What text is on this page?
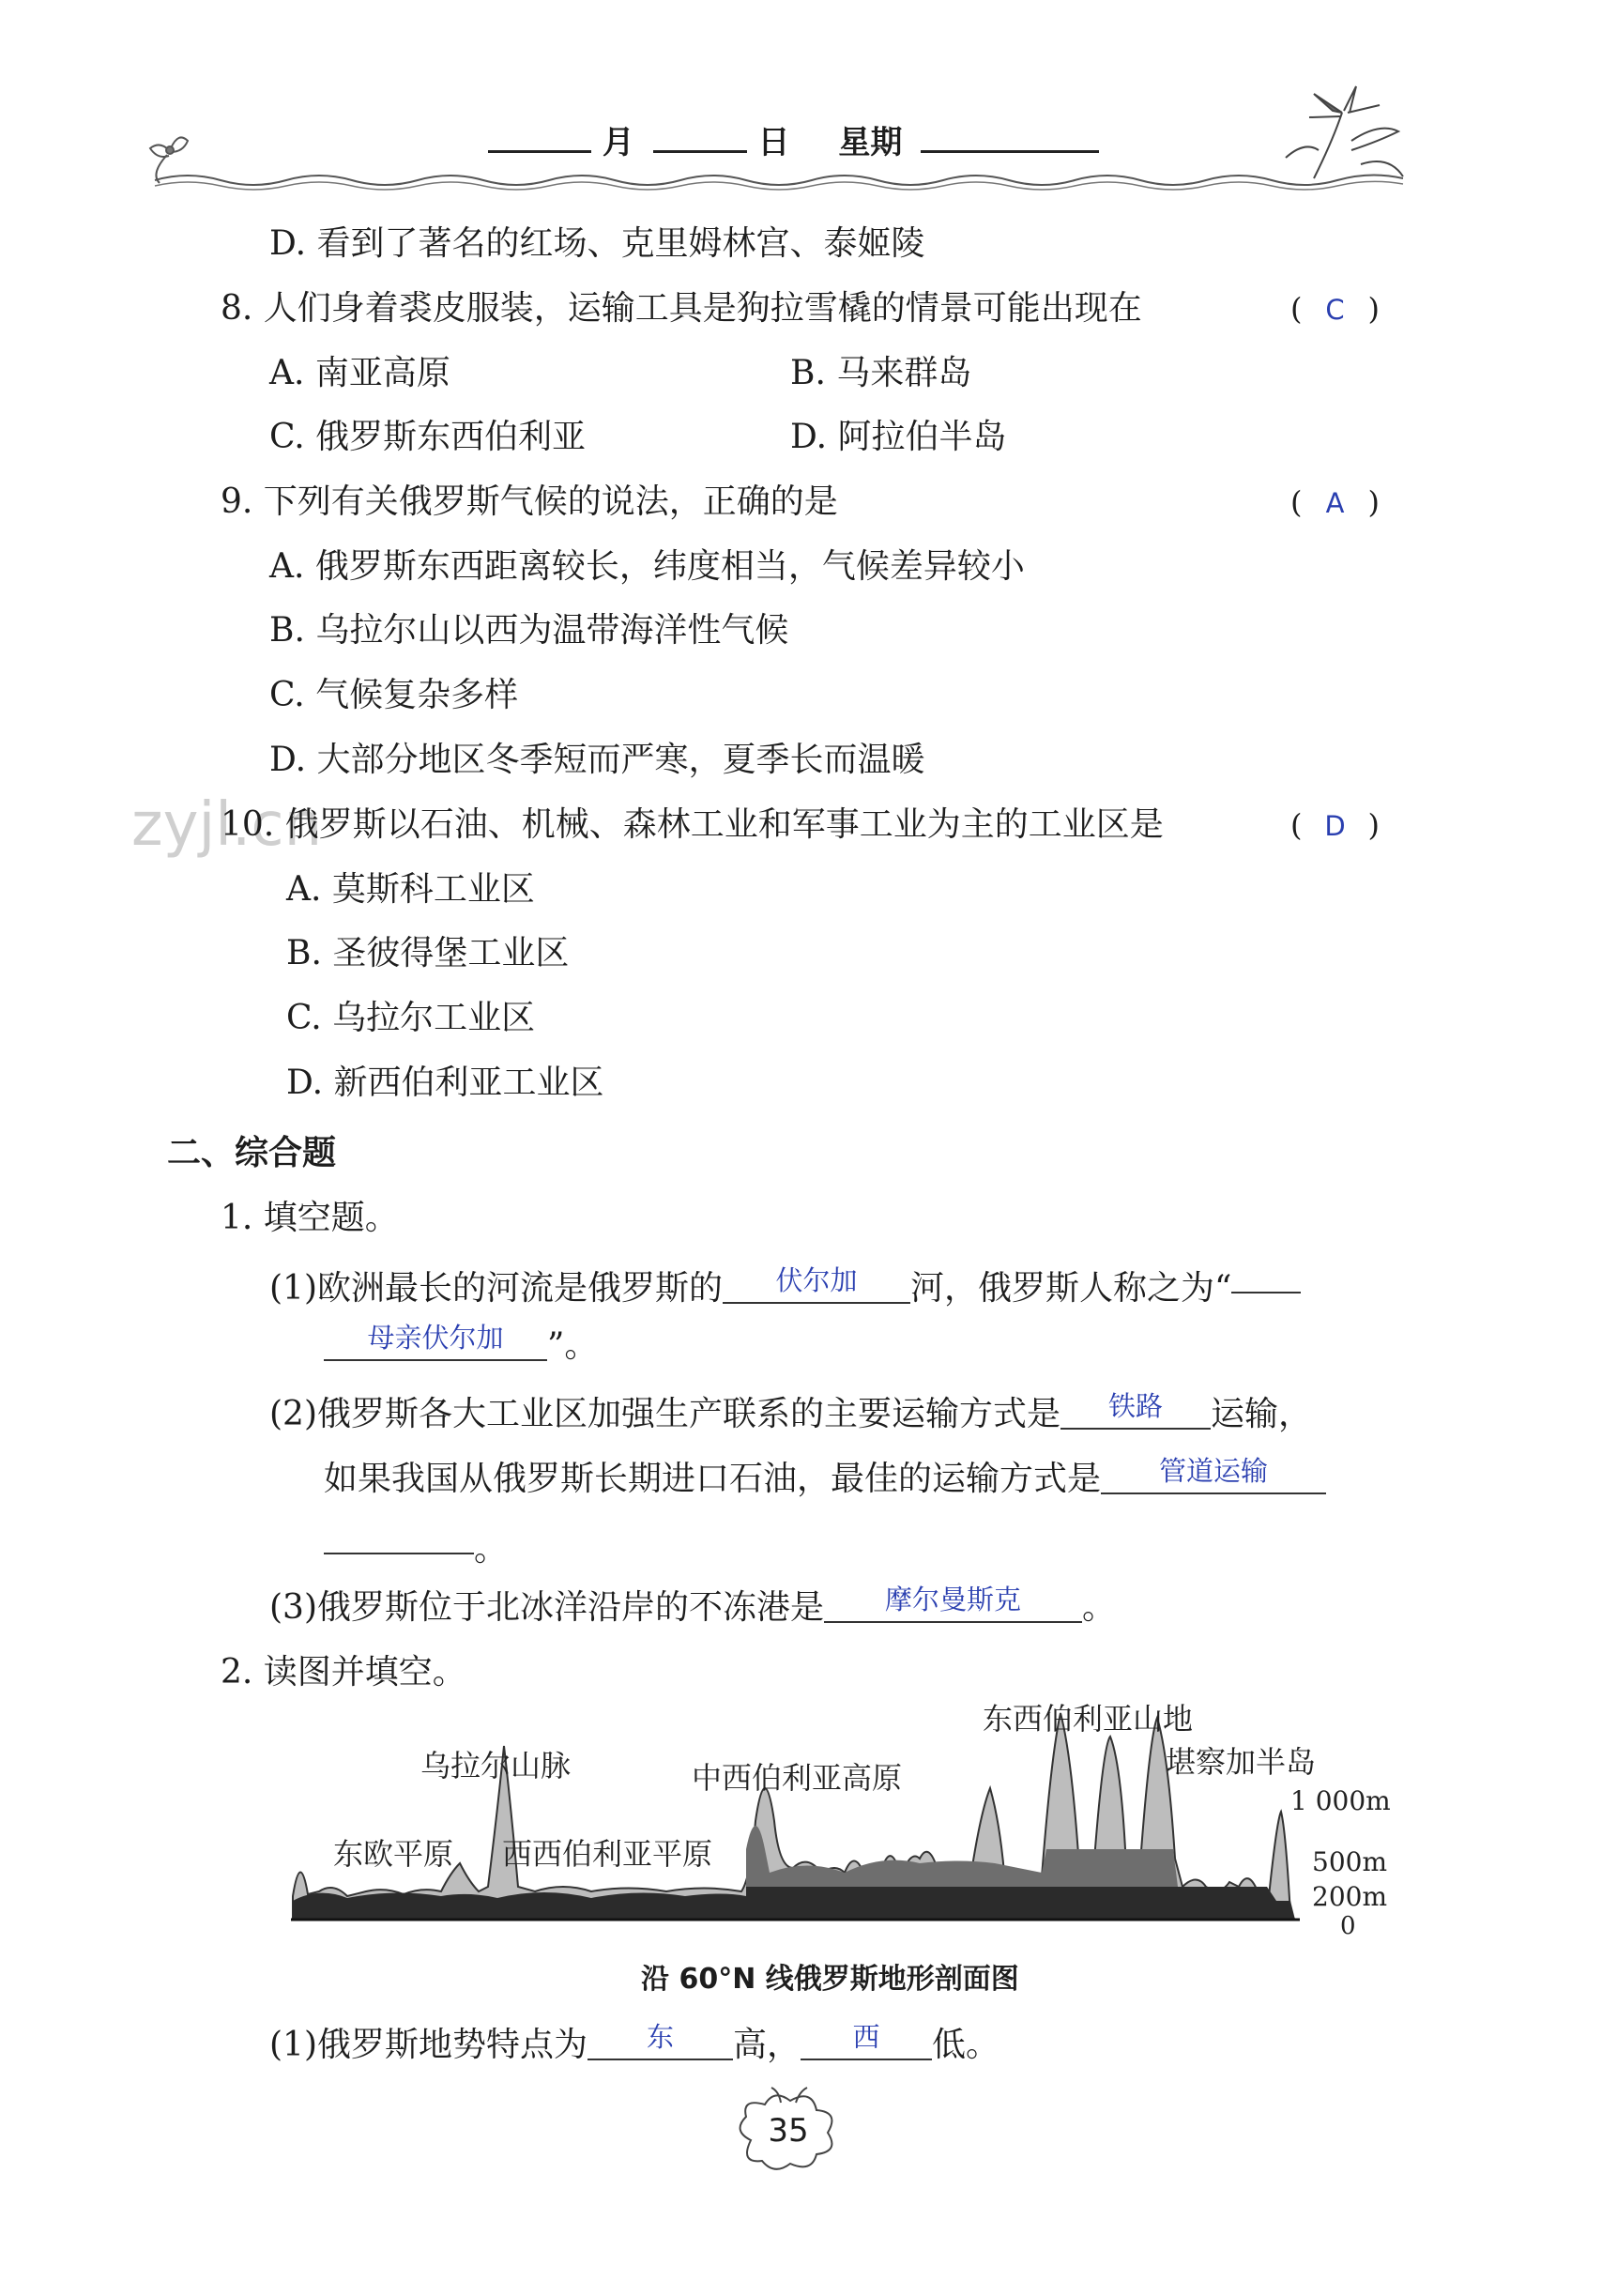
月	日 星期
zyjl.cn
D. 看到了著名的红场、克里姆林宫、泰姬陵
8. 人们身着裘皮服装，运输工具是狗拉雪橇的情景可能出现在	( C )
A. 南亚高原	B. 马来群岛
C. 俄罗斯东西伯利亚	D. 阿拉伯半岛
9. 下列有关俄罗斯气候的说法，正确的是	( A )
A. 俄罗斯东西距离较长，纬度相当，气候差异较小
B. 乌拉尔山以西为温带海洋性气候
C. 气候复杂多样
D. 大部分地区冬季短而严寒，夏季长而温暖
10. 俄罗斯以石油、机械、森林工业和军事工业为主的工业区是	( D )
A. 莫斯科工业区
B. 圣彼得堡工业区
C. 乌拉尔工业区
D. 新西伯利亚工业区
二、综合题
1. 填空题。
(1)欧洲最长的河流是俄罗斯的 伏尔加 河，俄罗斯人称之为“
母亲伏尔加 ”。
(2)俄罗斯各大工业区加强生产联系的主要运输方式是 铁路 运输，
如果我国从俄罗斯长期进口石油，最佳的运输方式是 管道运输
。
(3)俄罗斯位于北冰洋沿岸的不冻港是 摩尔曼斯克 。
2. 读图并填空。
乌拉尔山脉
东欧平原 西西伯利亚平原
中西伯利亚高原
东西伯利亚山地
堪察加半岛
1 000m
500m
200m
0
沿 60°N 线俄罗斯地形剖面图
(1)俄罗斯地势特点为 东 高， 西 低。
35
